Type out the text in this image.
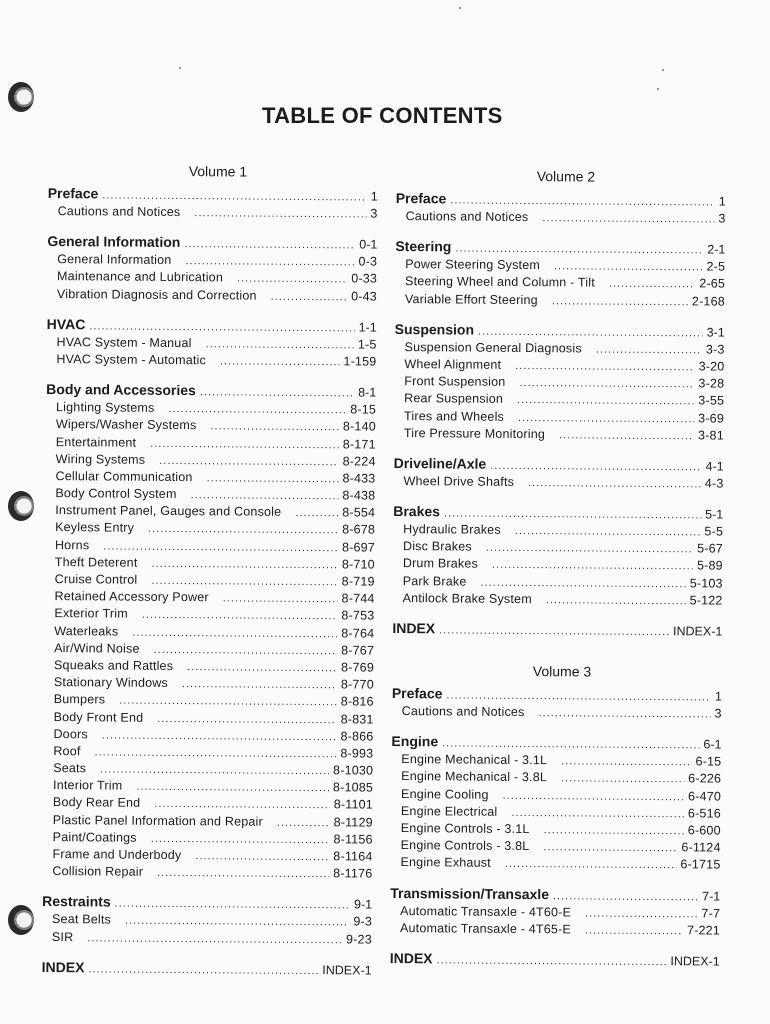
TABLE OF CONTENTS
Volume 1
Preface .....	1
Cautions and Notices .....	3
General Information .....	0-1
General Information .....	0-3
Maintenance and Lubrication .....	0-33
Vibration Diagnosis and Correction .....	0-43
HVAC .....	1-1
HVAC System - Manual .....	1-5
HVAC System - Automatic .....	1-159
Body and Accessories .....	8-1
Lighting Systems .....	8-15
Wipers/Washer Systems .....	8-140
Entertainment .....	8-171
Wiring Systems .....	8-224
Cellular Communication .....	8-433
Body Control System .....	8-438
Instrument Panel, Gauges and Console .....	8-554
Keyless Entry .....	8-678
Horns .....	8-697
Theft Deterent .....	8-710
Cruise Control .....	8-719
Retained Accessory Power .....	8-744
Exterior Trim .....	8-753
Waterleaks .....	8-764
Air/Wind Noise .....	8-767
Squeaks and Rattles .....	8-769
Stationary Windows .....	8-770
Bumpers .....	8-816
Body Front End .....	8-831
Doors .....	8-866
Roof .....	8-993
Seats .....	8-1030
Interior Trim .....	8-1085
Body Rear End .....	8-1101
Plastic Panel Information and Repair .....	8-1129
Paint/Coatings .....	8-1156
Frame and Underbody .....	8-1164
Collision Repair .....	8-1176
Restraints .....	9-1
Seat Belts .....	9-3
SIR .....	9-23
INDEX .....	INDEX-1
Volume 2
Preface .....	1
Cautions and Notices .....	3
Steering .....	2-1
Power Steering System .....	2-5
Steering Wheel and Column - Tilt .....	2-65
Variable Effort Steering .....	2-168
Suspension .....	3-1
Suspension General Diagnosis .....	3-3
Wheel Alignment .....	3-20
Front Suspension .....	3-28
Rear Suspension .....	3-55
Tires and Wheels .....	3-69
Tire Pressure Monitoring .....	3-81
Driveline/Axle .....	4-1
Wheel Drive Shafts .....	4-3
Brakes .....	5-1
Hydraulic Brakes .....	5-5
Disc Brakes .....	5-67
Drum Brakes .....	5-89
Park Brake .....	5-103
Antilock Brake System .....	5-122
INDEX .....	INDEX-1
Volume 3
Preface .....	1
Cautions and Notices .....	3
Engine .....	6-1
Engine Mechanical - 3.1L .....	6-15
Engine Mechanical - 3.8L .....	6-226
Engine Cooling .....	6-470
Engine Electrical .....	6-516
Engine Controls - 3.1L .....	6-600
Engine Controls - 3.8L .....	6-1124
Engine Exhaust .....	6-1715
Transmission/Transaxle .....	7-1
Automatic Transaxle - 4T60-E .....	7-7
Automatic Transaxle - 4T65-E .....	7-221
INDEX .....	INDEX-1
